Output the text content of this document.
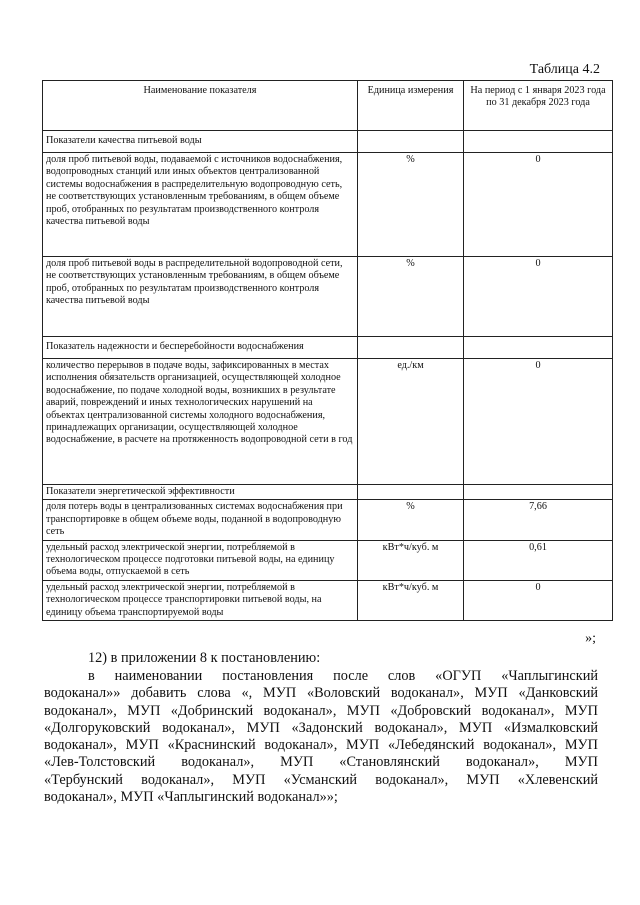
Таблица 4.2
Наименование показателя	Единица измерения	На период с 1 января 2023 года по 31 декабря 2023 года
Показатели качества питьевой воды		
доля проб питьевой воды, подаваемой с источников водоснабжения, водопроводных станций или иных объектов централизованной системы водоснабжения в распределительную водопроводную сеть, не соответствующих установленным требованиям, в общем объеме проб, отобранных по результатам производственного контроля качества питьевой воды	%	0
доля проб питьевой воды в распределительной водопроводной сети, не соответствующих установленным требованиям, в общем объеме проб, отобранных по результатам производственного контроля качества питьевой воды	%	0
Показатель надежности и бесперебойности водоснабжения		
количество перерывов в подаче воды, зафиксированных в местах исполнения обязательств организацией, осуществляющей холодное водоснабжение, по подаче холодной воды, возникших в результате аварий, повреждений и иных технологических нарушений на объектах централизованной системы холодного водоснабжения, принадлежащих организации, осуществляющей холодное водоснабжение, в расчете на протяженность водопроводной сети в год	ед./км	0
Показатели энергетической эффективности		
доля потерь воды в централизованных системах водоснабжения при транспортировке в общем объеме воды, поданной в водопроводную сеть	%	7,66
удельный расход электрической энергии, потребляемой в технологическом процессе подготовки питьевой воды, на единицу объема воды, отпускаемой в сеть	кВт*ч/куб. м	0,61
удельный расход электрической энергии, потребляемой в технологическом процессе транспортировки питьевой воды, на единицу объема транспортируемой воды	кВт*ч/куб. м	0
»;
12) в приложении 8 к постановлению:
в наименовании постановления после слов «ОГУП «Чаплыгинский
водоканал»» добавить слова «, МУП «Воловский водоканал», МУП «Данковский
водоканал», МУП «Добринский водоканал», МУП «Добровский водоканал», МУП
«Долгоруковский водоканал», МУП «Задонский водоканал», МУП «Измалковский
водоканал», МУП «Краснинский водоканал», МУП «Лебедянский водоканал», МУП
«Лев-Толстовский водоканал», МУП «Становлянский водоканал», МУП
«Тербунский водоканал», МУП «Усманский водоканал», МУП «Хлевенский
водоканал», МУП «Чаплыгинский водоканал»»;
